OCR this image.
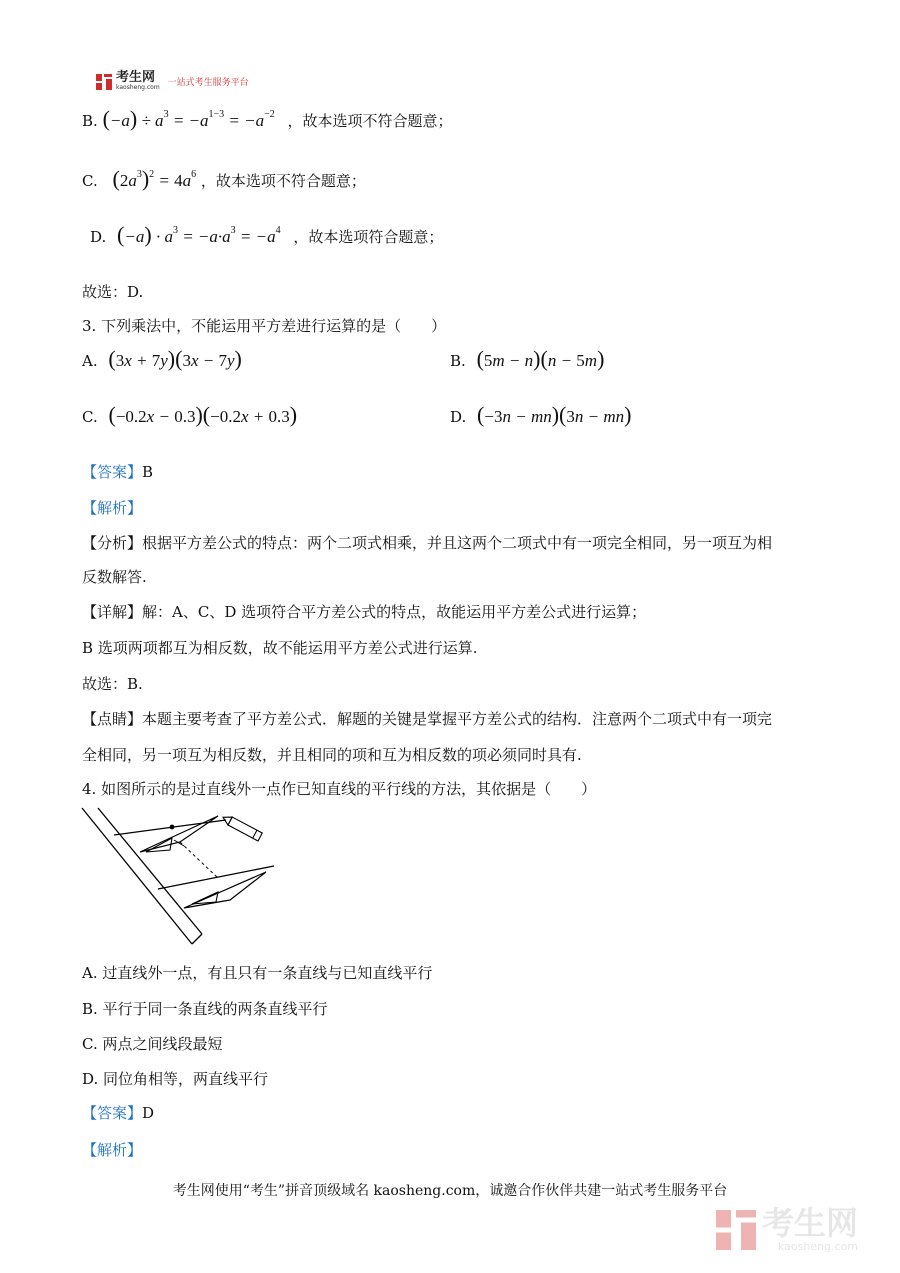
考生网
kaosheng.com 一站式考生服务平台
B. $(-a) \div a^3 = -a^{1-3} = -a^{-2}$ ，故本选项不符合题意；
C. $(2a^3)^2 = 4a^6$ ，故本选项不符合题意；
D. $(-a) \cdot a^3 = -a\cdot a^3 = -a^4$ ，故本选项符合题意；
故选：D.
3. 下列乘法中，不能运用平方差进行运算的是（　　）
A. (3x + 7y)(3x − 7y)	B. (5m − n)(n − 5m)
C. (−0.2x − 0.3)(−0.2x + 0.3)	D. (−3n − mn)(3n − mn)
【答案】B
【解析】
【分析】根据平方差公式的特点：两个二项式相乘，并且这两个二项式中有一项完全相同，另一项互为相
反数解答.
【详解】解：A、C、D 选项符合平方差公式的特点，故能运用平方差公式进行运算；
B 选项两项都互为相反数，故不能运用平方差公式进行运算.
故选：B.
【点睛】本题主要考查了平方差公式．解题的关键是掌握平方差公式的结构．注意两个二项式中有一项完
全相同，另一项互为相反数，并且相同的项和互为相反数的项必须同时具有.
4. 如图所示的是过直线外一点作已知直线的平行线的方法，其依据是（　　）
A. 过直线外一点，有且只有一条直线与已知直线平行
B. 平行于同一条直线的两条直线平行
C. 两点之间线段最短
D. 同位角相等，两直线平行
【答案】D
【解析】
考生网使用“考生”拼音顶级域名 kaosheng.com，诚邀合作伙伴共建一站式考生服务平台
考生网
kaosheng.com
